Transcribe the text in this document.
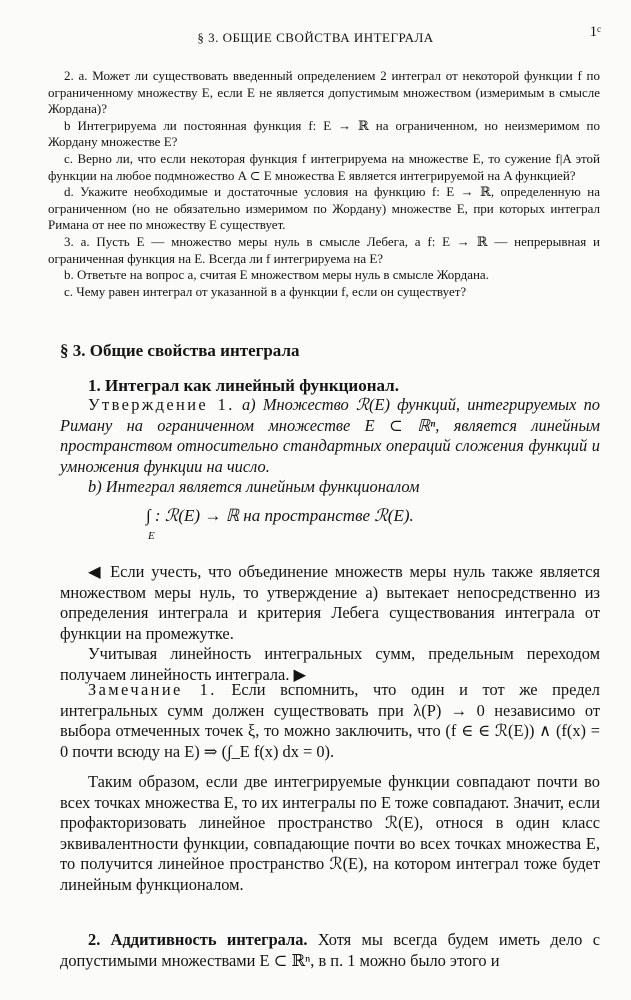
§ 3. ОБЩИЕ СВОЙСТВА ИНТЕГРАЛА	1ᶜ

2. а. Может ли существовать введенный определением 2 интеграл от некоторой функции f по ограниченному множеству E, если E не является допустимым множеством (измеримым в смысле Жордана)?

b Интегрируема ли постоянная функция f: E → ℝ на ограниченном, но неизмеримом по Жордану множестве E?

c. Верно ли, что если некоторая функция f интегрируема на множестве E, то сужение f|A этой функции на любое подмножество A ⊂ E множества E является интегрируемой на A функцией?

d. Укажите необходимые и достаточные условия на функцию f: E → ℝ, определенную на ограниченном (но не обязательно измеримом по Жордану) множестве E, при которых интеграл Римана от нее по множеству E существует.

3. а. Пусть E — множество меры нуль в смысле Лебега, а f: E → ℝ — непрерывная и ограниченная функция на E. Всегда ли f интегрируема на E?

b. Ответьте на вопрос а, считая E множеством меры нуль в смысле Жордана.

c. Чему равен интеграл от указанной в а функции f, если он существует?

§ 3. Общие свойства интеграла
1. Интеграл как линейный функционал.

Утверждение 1. а) Множество ℛ(E) функций, интегрируемых по Риману на ограниченном множестве E ⊂ ℝⁿ, является линейным пространством относительно стандартных операций сложения функций и умножения функции на число.

b) Интеграл является линейным функционалом

∫ : ℛ(E) → ℝ на пространстве ℛ(E).
E

◀ Если учесть, что объединение множеств меры нуль также является множеством меры нуль, то утверждение а) вытекает непосредственно из определения интеграла и критерия Лебега существования интеграла от функции на промежутке.

Учитывая линейность интегральных сумм, предельным переходом получаем линейность интеграла. ▶

Замечание 1. Если вспомнить, что один и тот же предел интегральных сумм должен существовать при λ(P) → 0 независимо от выбора отмеченных точек ξ, то можно заключить, что (f ∈ ∈ ℛ(E)) ∧ (f(x) = 0 почти всюду на E) ⇒ (∫_E f(x) dx = 0).

Таким образом, если две интегрируемые функции совпадают почти во всех точках множества E, то их интегралы по E тоже совпадают. Значит, если профакторизовать линейное пространство ℛ(E), относя в один класс эквивалентности функции, совпадающие почти во всех точках множества E, то получится линейное пространство ℛ(E), на котором интеграл тоже будет линейным функционалом.

2. Аддитивность интеграла. Хотя мы всегда будем иметь дело с допустимыми множествами E ⊂ ℝⁿ, в п. 1 можно было этого и
